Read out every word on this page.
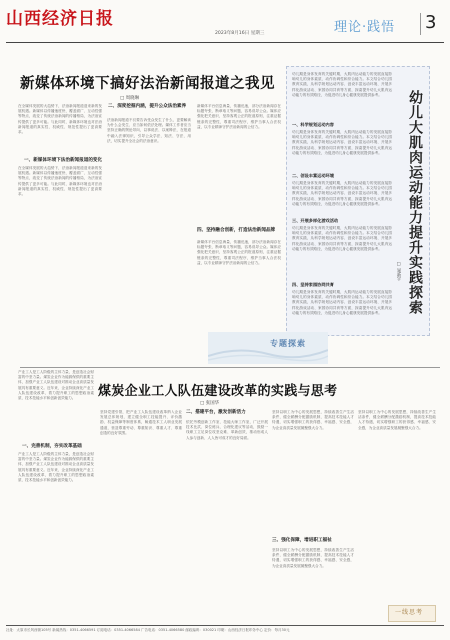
山西经济日报
2023年8月16日 星期三	理论·践悟 3
新媒体环境下搞好法治新闻报道之我见
□ 周晓琳
在全媒体发展的大趋势下，法治新闻报道迎来新的发展机遇。新媒体以传播速度快、覆盖面广、互动性强等特点，改变了传统法治新闻的传播格局，为法治宣传提供了更多可能。与此同时，新媒体环境也对法治新闻报道的真实性、权威性、规范性提出了更高要求。
一、新媒体环境下法治新闻报道的变化
在全媒体发展的大趋势下，法治新闻报道迎来新的发展机遇。新媒体以传播速度快、覆盖面广、互动性强等特点，改变了传统法治新闻的传播格局，为法治宣传提供了更多可能。与此同时，新媒体环境也对法治新闻报道的真实性、权威性、规范性提出了更高要求。
二、深度挖掘内涵，提升公众法治素养
法治新闻报道不仅要告诉受众发生了什么，更要解读为什么会发生、应当如何依法处理。媒体工作者应当坚持正确的舆论导向，以事说法、以案释法，在报道中融入法律知识，引导公众学法、知法、守法、用法，切实提升全社会的法治意识。
新媒体平台信息海量，传播迅速，部分法治新闻存在标题夸张、断章取义等问题，容易误导公众。媒体应强化把关意识，坚持客观公正的报道原则，注重证据链条的完整性，尊重司法程序，维护当事人合法权益，以专业精神守护法治新闻的公信力。
四、坚持融合创新，打造法治新闻品牌
新媒体平台信息海量，传播迅速，部分法治新闻存在标题夸张、断章取义等问题，容易误导公众。媒体应强化把关意识，坚持客观公正的报道原则，注重证据链条的完整性，尊重司法程序，维护当事人合法权益，以专业精神守护法治新闻的公信力。
幼儿期是身体发育的关键时期，大肌肉运动能力的发展直接影响幼儿的身体素质、动作协调性和综合能力。本文结合幼儿园教育实践，从科学规划运动内容、创设丰富运动环境、开展多样化游戏活动、家园协同共育等方面，探索提升幼儿大肌肉运动能力的有效路径，为促进幼儿身心健康发展提供参考。
一、科学规划运动内容
幼儿期是身体发育的关键时期，大肌肉运动能力的发展直接影响幼儿的身体素质、动作协调性和综合能力。本文结合幼儿园教育实践，从科学规划运动内容、创设丰富运动环境、开展多样化游戏活动、家园协同共育等方面，探索提升幼儿大肌肉运动能力的有效路径，为促进幼儿身心健康发展提供参考。
二、创设丰富运动环境
幼儿期是身体发育的关键时期，大肌肉运动能力的发展直接影响幼儿的身体素质、动作协调性和综合能力。本文结合幼儿园教育实践，从科学规划运动内容、创设丰富运动环境、开展多样化游戏活动、家园协同共育等方面，探索提升幼儿大肌肉运动能力的有效路径，为促进幼儿身心健康发展提供参考。
三、开展多样化游戏活动
幼儿期是身体发育的关键时期，大肌肉运动能力的发展直接影响幼儿的身体素质、动作协调性和综合能力。本文结合幼儿园教育实践，从科学规划运动内容、创设丰富运动环境、开展多样化游戏活动、家园协同共育等方面，探索提升幼儿大肌肉运动能力的有效路径，为促进幼儿身心健康发展提供参考。
四、坚持家园协同共育
幼儿期是身体发育的关键时期，大肌肉运动能力的发展直接影响幼儿的身体素质、动作协调性和综合能力。本文结合幼儿园教育实践，从科学规划运动内容、创设丰富运动环境、开展多样化游戏活动、家园协同共育等方面，探索提升幼儿大肌肉运动能力的有效路径，为促进幼儿身心健康发展提供参考。	幼儿大肌肉运动能力提升实践探索
□ 晁新宇
专题探索
煤炭企业工人队伍建设改革的实践与思考
□ 张国华
产业工人是工人阶级的主体力量，是创造社会财富的中坚力量。煤炭企业作为能源保供的重要主体，加强产业工人队伍建设对推动企业高质量发展具有重要意义。近年来，企业持续深化产业工人队伍建设改革，着力提升职工的思想政治素质、技术技能水平和创新创效能力。
一、完善机制，夯实改革基础
产业工人是工人阶级的主体力量，是创造社会财富的中坚力量。煤炭企业作为能源保供的重要主体，加强产业工人队伍建设对推动企业高质量发展具有重要意义。近年来，企业持续深化产业工人队伍建设改革，着力提升职工的思想政治素质、技术技能水平和创新创效能力。
坚持党建引领，把产业工人队伍建设改革纳入企业发展总体规划，建立健全职工技能提升、评价激励、权益保障等制度体系，畅通技术工人职业发展通道，营造尊重劳动、尊重知识、尊重人才、尊重创造的良好氛围。
二、搭建平台，激发创新活力
依托劳模创新工作室、技能大师工作室，广泛开展技术比武、岗位练兵、合理化建议等活动，鼓励一线职工立足岗位攻坚克难、革新创效，推动形成人人参与创新、人人皆可成才的良好局面。
坚持以职工为中心的发展思想，持续改善生产生活条件，健全薪酬分配激励机制，提高技术技能人才待遇，切实增强职工的获得感、幸福感、安全感，为企业高质量发展凝聚强大合力。
三、强化保障，增进职工福祉
坚持以职工为中心的发展思想，持续改善生产生活条件，健全薪酬分配激励机制，提高技术技能人才待遇，切实增强职工的获得感、幸福感、安全感，为企业高质量发展凝聚强大合力。
坚持以职工为中心的发展思想，持续改善生产生活条件，健全薪酬分配激励机制，提高技术技能人才待遇，切实增强职工的获得感、幸福感、安全感，为企业高质量发展凝聚强大合力。
一线思考
社址：太原市长风西街105号 新闻热线：0351-4066591 订阅电话：0351-4066584 广告电话：0351-4066580 邮政编码：030021 印刷：山西经济日报印务中心 定价：每月30元
